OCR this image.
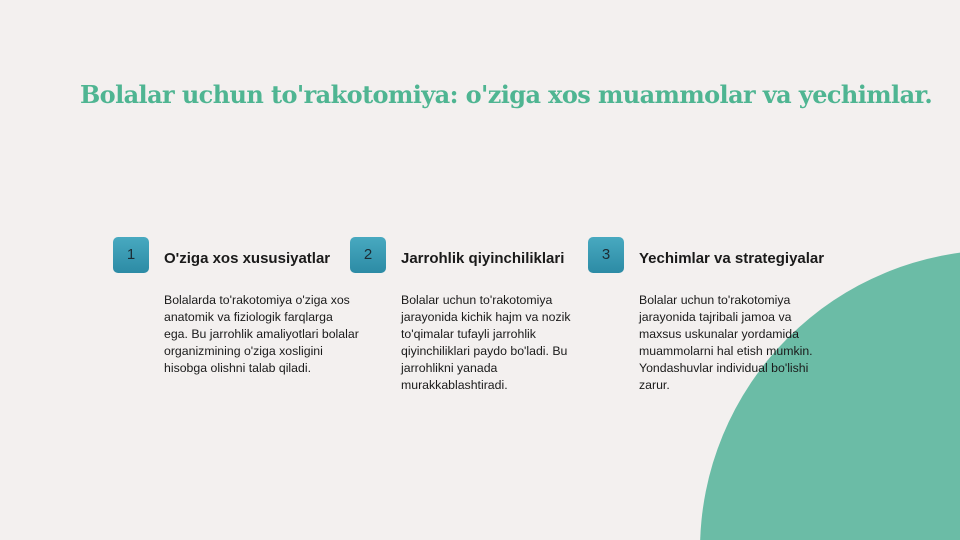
Bolalar uchun to'rakotomiya: o'ziga xos muammolar va yechimlar.
1	O'ziga xos xususiyatlar

Bolalarda to'rakotomiya o'ziga xos anatomik va fiziologik farqlarga ega. Bu jarrohlik amaliyotlari bolalar organizmining o'ziga xosligini hisobga olishni talab qiladi.

2	Jarrohlik qiyinchiliklari

Bolalar uchun to'rakotomiya jarayonida kichik hajm va nozik to'qimalar tufayli jarrohlik qiyinchiliklari paydo bo'ladi. Bu jarrohlikni yanada murakkablashtiradi.

3	Yechimlar va strategiyalar

Bolalar uchun to'rakotomiya jarayonida tajribali jamoa va maxsus uskunalar yordamida muammolarni hal etish mumkin. Yondashuvlar individual bo'lishi zarur.
